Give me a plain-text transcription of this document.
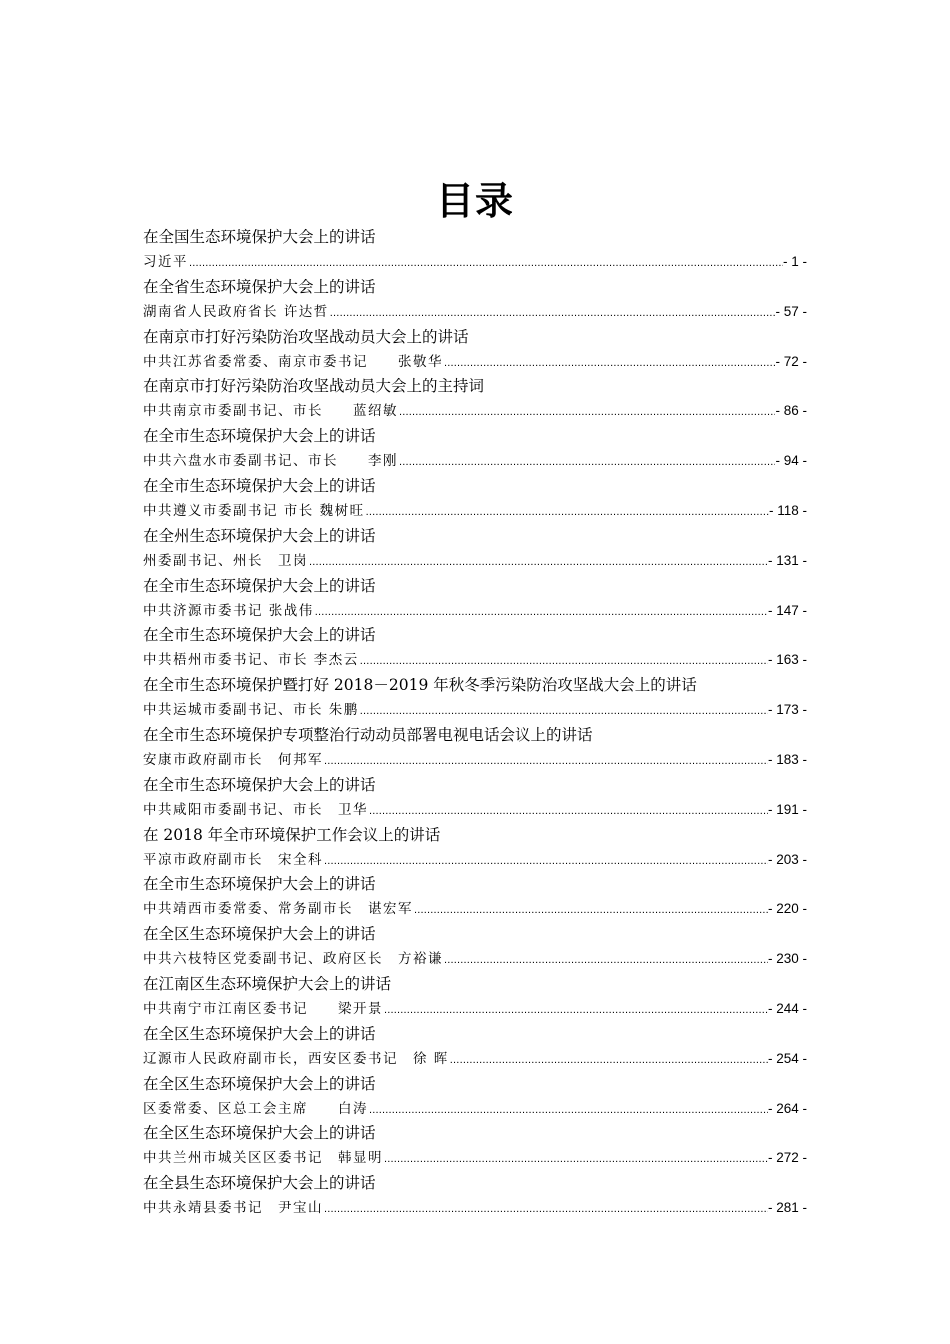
目录
在全国生态环境保护大会上的讲话
习近平 .....	- 1 -
在全省生态环境保护大会上的讲话
湖南省人民政府省长 许达哲 .....	- 57 -
在南京市打好污染防治攻坚战动员大会上的讲话
中共江苏省委常委、南京市委书记　　张敬华 .....	- 72 -
在南京市打好污染防治攻坚战动员大会上的主持词
中共南京市委副书记、市长　　蓝绍敏 .....	- 86 -
在全市生态环境保护大会上的讲话
中共六盘水市委副书记、市长　　李刚 .....	- 94 -
在全市生态环境保护大会上的讲话
中共遵义市委副书记 市长 魏树旺 .....	- 118 -
在全州生态环境保护大会上的讲话
州委副书记、州长　卫岗 .....	- 131 -
在全市生态环境保护大会上的讲话
中共济源市委书记 张战伟 .....	- 147 -
在全市生态环境保护大会上的讲话
中共梧州市委书记、市长 李杰云 .....	- 163 -
在全市生态环境保护暨打好 2018－2019 年秋冬季污染防治攻坚战大会上的讲话
中共运城市委副书记、市长 朱鹏 .....	- 173 -
在全市生态环境保护专项整治行动动员部署电视电话会议上的讲话
安康市政府副市长　何邦军 .....	- 183 -
在全市生态环境保护大会上的讲话
中共咸阳市委副书记、市长　卫华 .....	- 191 -
在 2018 年全市环境保护工作会议上的讲话
平凉市政府副市长　宋全科 .....	- 203 -
在全市生态环境保护大会上的讲话
中共靖西市委常委、常务副市长　谌宏军 .....	- 220 -
在全区生态环境保护大会上的讲话
中共六枝特区党委副书记、政府区长　方裕谦 .....	- 230 -
在江南区生态环境保护大会上的讲话
中共南宁市江南区委书记　　梁开景 .....	- 244 -
在全区生态环境保护大会上的讲话
辽源市人民政府副市长，西安区委书记　徐 晖 .....	- 254 -
在全区生态环境保护大会上的讲话
区委常委、区总工会主席　　白涛 .....	- 264 -
在全区生态环境保护大会上的讲话
中共兰州市城关区区委书记　韩显明 .....	- 272 -
在全县生态环境保护大会上的讲话
中共永靖县委书记　尹宝山 .....	- 281 -
